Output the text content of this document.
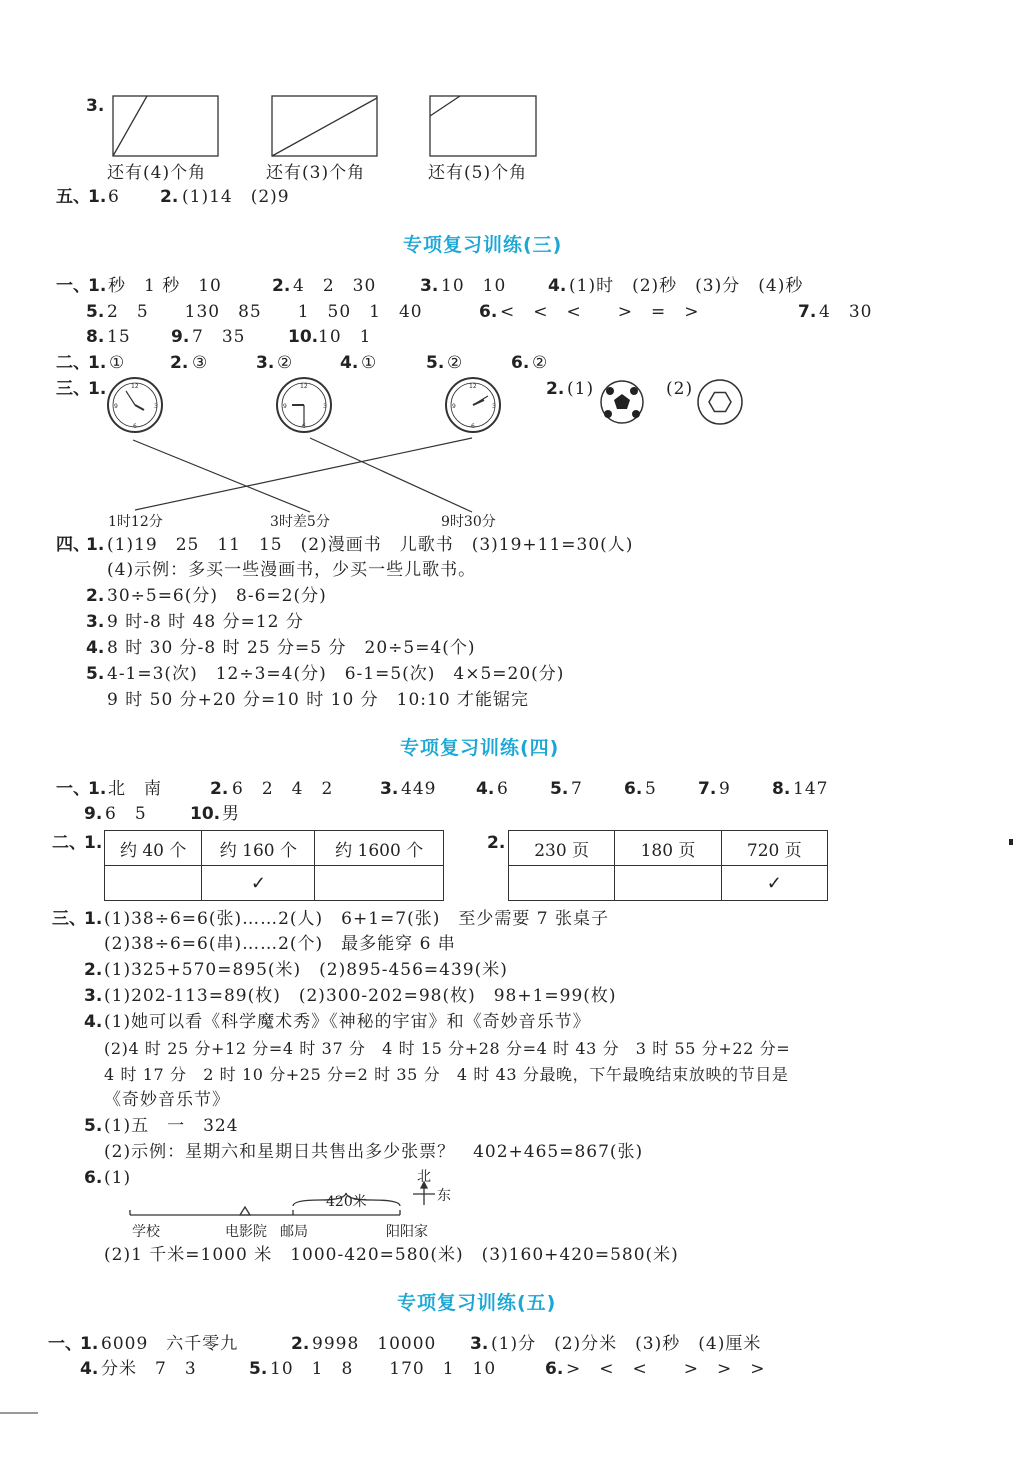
3.
12	12	12
3	3	3
9	9	9
6	6	6
还有(4)个角	还有(3)个角	还有(5)个角
五、
1. 6 2. (1)14　(2)9
专项复习训练(三)
一、
1. 秒　1 秒　10	2. 4　2　30	3. 10　10 4. (1)时　(2)秒　(3)分　(4)秒
5. 2　5　　130　85　　1　50　1　40	6. <　<　<　　>　=　>	7. 4　30
8. 15 9. 7　35	10. 10　1
二、
1. ①	2. ③	3. ②	4. ①	5. ②	6. ②
三、
1.	2. (1)	(2)
1时12分	3时差5分	9时30分
四、
1. (1)19　25　11　15　(2)漫画书　儿歌书　(3)19+11=30(人)
(4)示例：多买一些漫画书，少买一些儿歌书。
2. 30÷5=6(分)　8-6=2(分)
3. 9 时-8 时 48 分=12 分
4. 8 时 30 分-8 时 25 分=5 分　20÷5=4(个)
5. 4-1=3(次)　12÷3=4(分)　6-1=5(次)　4×5=20(分)
9 时 50 分+20 分=10 时 10 分　10:10 才能锯完
专项复习训练(四)
一、
1. 北　南	2. 6　2　4　2	3. 449 4. 6 5. 7 6. 5 7. 9 8. 147
9. 6　5	10. 男
二、
1. 约 40 个	约 160 个	约 1600 个
	✓	
2. 230 页	180 页	720 页
		✓
三、
1. (1)38÷6=6(张)……2(人)　6+1=7(张)　至少需要 7 张桌子
(2)38÷6=6(串)……2(个)　最多能穿 6 串
2. (1)325+570=895(米)　(2)895-456=439(米)
3. (1)202-113=89(枚)　(2)300-202=98(枚)　98+1=99(枚)
4. (1)她可以看《科学魔术秀》《神秘的宇宙》和《奇妙音乐节》
(2)4 时 25 分+12 分=4 时 37 分　4 时 15 分+28 分=4 时 43 分　3 时 55 分+22 分=
4 时 17 分　2 时 10 分+25 分=2 时 35 分　4 时 43 分最晚，下午最晚结束放映的节目是
《奇妙音乐节》
5. (1)五　一　324
(2)示例：星期六和星期日共售出多少张票？　402+465=867(张)
6. (1)
420米
北
东
学校	电影院 邮局	阳阳家
(2)1 千米=1000 米　1000-420=580(米)　(3)160+420=580(米)
专项复习训练(五)
一、
1. 6009　六千零九	2. 9998　10000 3. (1)分　(2)分米　(3)秒　(4)厘米
4. 分米　7　3	5. 10　1　8　　170　1　10	6. >　<　<　　>　>　>
